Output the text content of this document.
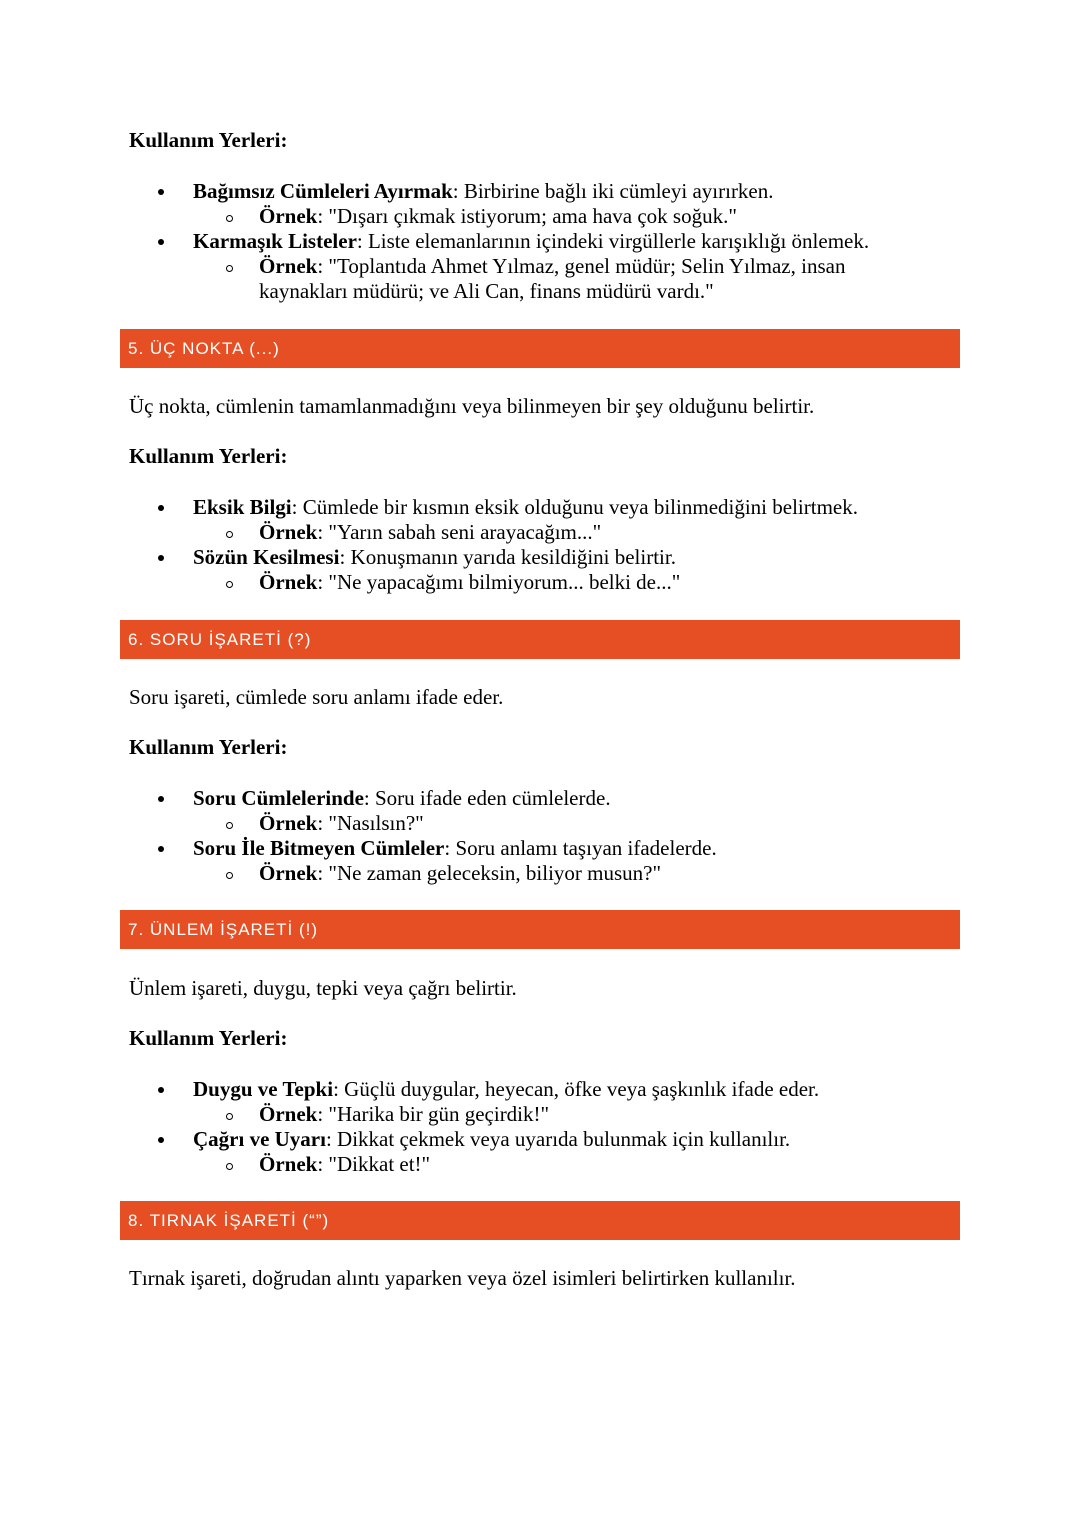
Kullanım Yerleri:
Bağımsız Cümleleri Ayırmak: Birbirine bağlı iki cümleyi ayırırken.
Örnek: "Dışarı çıkmak istiyorum; ama hava çok soğuk."
Karmaşık Listeler: Liste elemanlarının içindeki virgüllerle karışıklığı önlemek.
Örnek: "Toplantıda Ahmet Yılmaz, genel müdür; Selin Yılmaz, insan kaynakları müdürü; ve Ali Can, finans müdürü vardı."
5. ÜÇ NOKTA (...)
Üç nokta, cümlenin tamamlanmadığını veya bilinmeyen bir şey olduğunu belirtir.
Kullanım Yerleri:
Eksik Bilgi: Cümlede bir kısmın eksik olduğunu veya bilinmediğini belirtmek.
Örnek: "Yarın sabah seni arayacağım..."
Sözün Kesilmesi: Konuşmanın yarıda kesildiğini belirtir.
Örnek: "Ne yapacağımı bilmiyorum... belki de..."
6. SORU İŞARETİ (?)
Soru işareti, cümlede soru anlamı ifade eder.
Kullanım Yerleri:
Soru Cümlelerinde: Soru ifade eden cümlelerde.
Örnek: "Nasılsın?"
Soru İle Bitmeyen Cümleler: Soru anlamı taşıyan ifadelerde.
Örnek: "Ne zaman geleceksin, biliyor musun?"
7. ÜNLEM İŞARETİ (!)
Ünlem işareti, duygu, tepki veya çağrı belirtir.
Kullanım Yerleri:
Duygu ve Tepki: Güçlü duygular, heyecan, öfke veya şaşkınlık ifade eder.
Örnek: "Harika bir gün geçirdik!"
Çağrı ve Uyarı: Dikkat çekmek veya uyarıda bulunmak için kullanılır.
Örnek: "Dikkat et!"
8. TIRNAK İŞARETİ (“”)
Tırnak işareti, doğrudan alıntı yaparken veya özel isimleri belirtirken kullanılır.
